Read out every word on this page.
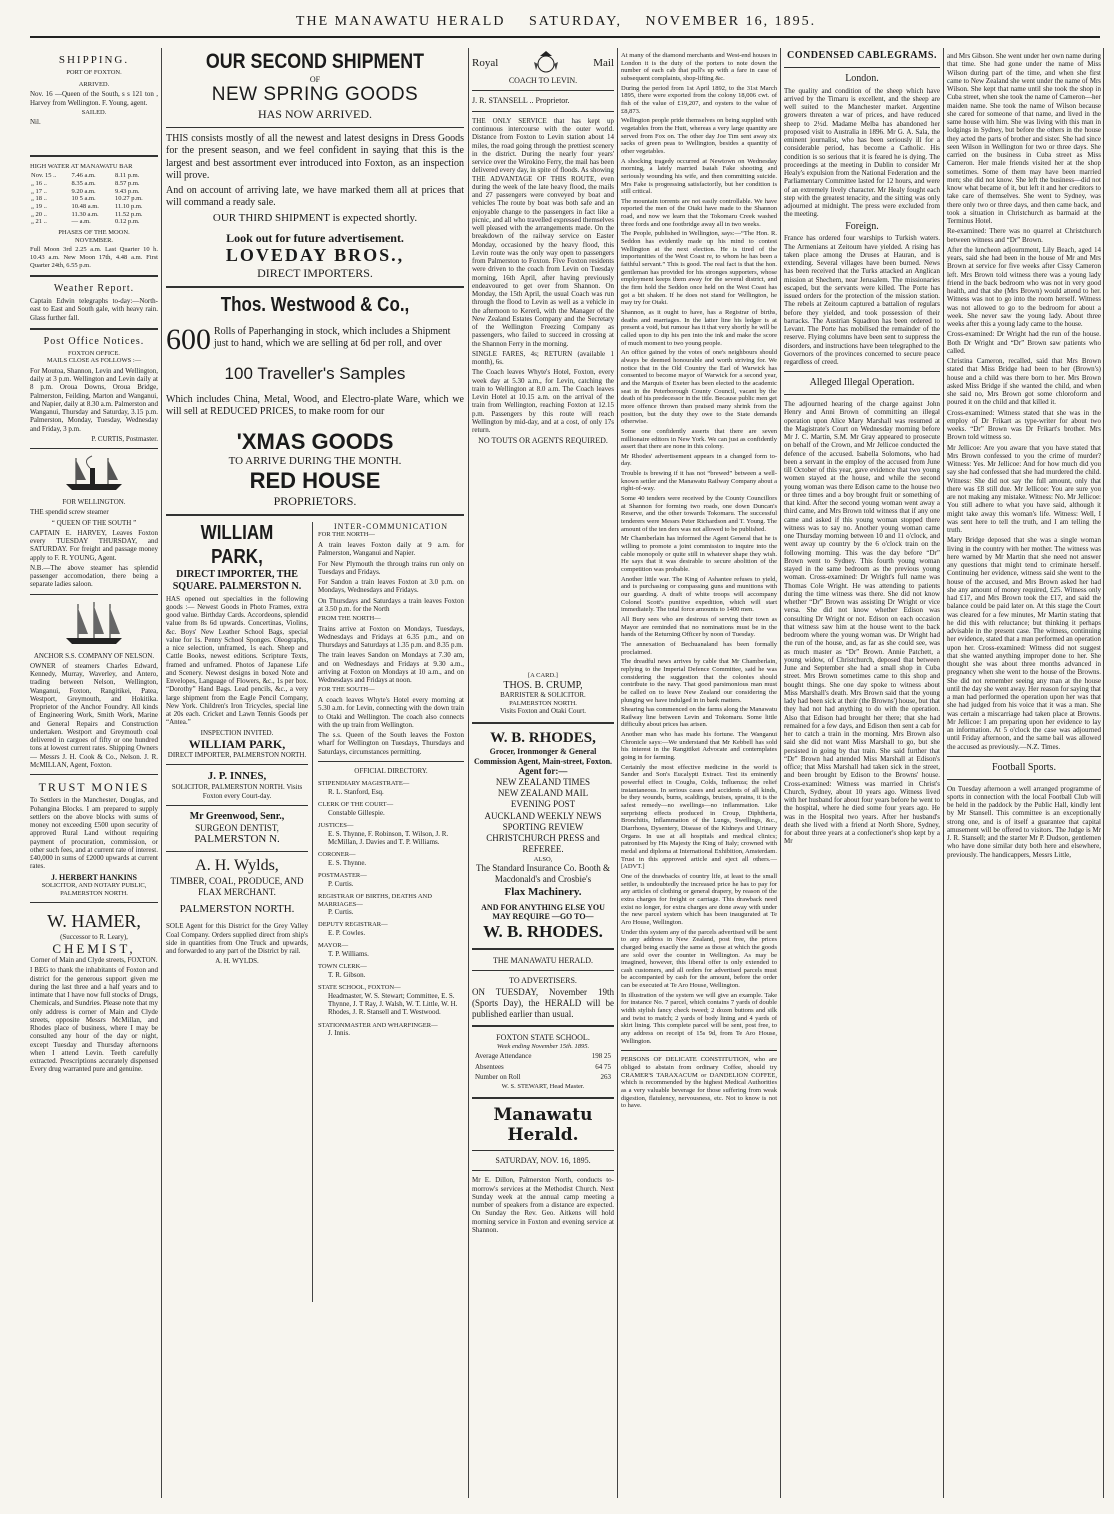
THE MANAWATU HERALD SATURDAY, NOVEMBER 16, 1895.
SHIPPING.
PORT OF FOXTON.
ARRIVED.

Nov. 16 —Queen of the South, s s 121 ton , Harvey from Wellington. F. Young, agent.

SAILED.

Nil.

HIGH WATER AT MANAWATU BAR

Nov. 15 ..	7.46 a.m.	8.11 p.m.
„ 16 ..	8.35 a.m.	8.57 p.m.
„ 17 ..	9.20 a.m.	9.43 p.m.
„ 18 ..	10 5 a.m.	10.27 p.m.
„ 19 ..	10.48 a.m.	11.10 p.m.
„ 20 ..	11.30 a.m.	11.52 p.m.
„ 21 ..	— a.m.	0.12 p.m.
PHASES OF THE MOON.
NOVEMBER.

Full Moon 3rd 2.25 a.m. Last Quarter 10 h. 10.43 a.m. New Moon 17th, 4.48 a.m. First Quarter 24th, 6.55 p.m.

Weather Report.

Captain Edwin telegraphs to-day:—North-east to East and South gale, with heavy rain. Glass further fall.

Post Office Notices.
FOXTON OFFICE.
MAILS CLOSE AS FOLLOWS :—

For Moutoa, Shannon, Levin and Wellington, daily at 3 p.m. Wellington and Levin daily at 8 p.m. Oroua Downs, Oroua Bridge, Palmerston, Feilding, Marton and Wanganui, and Napier, daily at 8.30 a.m. Palmerston and Wanganui, Thursday and Saturday, 3.15 p.m. Palmerston, Monday, Tuesday, Wednesday and Friday, 3 p.m.

P. CURTIS, Postmaster.

FOR WELLINGTON.

THE spendid screw steamer

“ QUEEN OF THE SOUTH ”

CAPTAIN E. HARVEY, Leaves Foxton every TUESDAY THURSDAY, and SATURDAY. For freight and passage money apply to F. R. YOUNG, Agent.

N.B.—The above steamer has splendid passenger accomodation, there being a separate ladies saloon.

ANCHOR S.S. COMPANY OF NELSON.

OWNER of steamers Charles Edward, Kennedy, Murray, Waverley, and Antero, trading between Nelson, Wellington, Wanganui, Foxton, Rangitikei, Patea, Westport, Greymouth, and Hokitika. Proprietor of the Anchor Foundry. All kinds of Engineering Work, Smith Work, Marine and General Repairs and Construction undertaken. Westport and Greymouth coal delivered in cargoes of fifty or one hundred tons at lowest current rates. Shipping Owners— Messrs J. H. Cook & Co., Nelson. J. R. McMILLAN, Agent, Foxton.

TRUST MONIES

To Settlers in the Manchester, Douglas, and Pohangina Blocks. I am prepared to supply settlers on the above blocks with sums of money not exceeding £500 upon security of approved Rural Land without requiring payment of procuration, commission, or other such fees, and at current rate of interest. £40,000 in sums of £2000 upwards at current rates.

J. HERBERT HANKINS
SOLICITOR, AND NOTARY PUBLIC, PALMERSTON NORTH.
W. HAMER,
(Successor to R. Leary),
CHEMIST,
Corner of Main and Clyde streets, FOXTON.

I BEG to thank the inhabitants of Foxton and district for the generous support given me during the last three and a half years and to intimate that I have now full stocks of Drugs, Chemicals, and Sundries. Please note that my only address is corner of Main and Clyde streets, opposite Messrs McMillan, and Rhodes place of business, where I may be consulted any hour of the day or night, except Tuesday and Thursday afternoons when I attend Levin. Teeth carefully extracted. Prescriptions accurately dispensed Every drug warranted pure and genuine.

OUR SECOND SHIPMENT
OF
NEW SPRING GOODS
HAS NOW ARRIVED.

THIS consists mostly of all the newest and latest designs in Dress Goods for the present season, and we feel confident in saying that this is the largest and best assortment ever introduced into Foxton, as an inspection will prove.

And on account of arriving late, we have marked them all at prices that will command a ready sale.

OUR THIRD SHIPMENT is expected shortly.
Look out for future advertisement.
LOVEDAY BROS.,
DIRECT IMPORTERS.
Thos. Westwood & Co.,
600 Rolls of Paperhanging in stock, which includes a Shipment just to hand, which we are selling at 6d per roll, and over
100 Traveller's Samples

Which includes China, Metal, Wood, and Electro-plate Ware, which we will sell at REDUCED PRICES, to make room for our

'XMAS GOODS
TO ARRIVE DURING THE MONTH.
RED HOUSE
PROPRIETORS.
WILLIAM PARK,
DIRECT IMPORTER, THE SQUARE. PALMERSTON N.

HAS opened out specialties in the following goods :— Newest Goods in Photo Frames, extra good value. Birthday Cards. Accordeons, splendid value from 8s 6d upwards. Concertinas, Violins, &c. Boys' New Leather School Bags, special value for 1s. Penny School Sponges. Oleographs, a nice selection, unframed, 1s each. Sheep and Cattle Books, newest editions. Scripture Texts, framed and unframed. Photos of Japanese Life and Scenery. Newest designs in boxed Note and Envelopes, Language of Flowers, &c., 1s per box. “Dorothy” Hand Bags. Lead pencils, &c., a very large shipment from the Eagle Pencil Company, New York. Children's Iron Tricycles, special line at 20s each. Cricket and Lawn Tennis Goods per “Antea.”

INSPECTION INVITED.
WILLIAM PARK,
DIRECT IMPORTER, PALMERSTON NORTH.
J. P. INNES,
SOLICITOR, PALMERSTON NORTH. Visits Foxton every Court-day.
Mr Greenwood, Senr.,
SURGEON DENTIST,
PALMERSTON N.
A. H. Wylds,
TIMBER, COAL, PRODUCE, AND FLAX MERCHANT.
PALMERSTON NORTH.

SOLE Agent for this District for the Grey Valley Coal Company. Orders supplied direct from ship's side in quantities from One Truck and upwards, and forwarded to any part of the District by rail.

A. H. WYLDS.
INTER-COMMUNICATION
FOR THE NORTH—

A train leaves Foxton daily at 9 a.m. for Palmerston, Wanganui and Napier.

For New Plymouth the through trains run only on Tuesdays and Fridays.

For Sandon a train leaves Foxton at 3.0 p.m. on Mondays, Wednesdays and Fridays.

On Thursdays and Saturdays a train leaves Foxton at 3.50 p.m. for the North

FROM THE NORTH—

Trains arrive at Foxton on Mondays, Tuesdays, Wednesdays and Fridays at 6.35 p.m., and on Thursdays and Saturdays at 1.35 p.m. and 8.35 p.m.

The train leaves Sandon on Mondays at 7.30 am, and on Wednesdays and Fridays at 9.30 a.m., arriving at Foxton on Mondays at 10 a.m., and on Wednesdays and Fridays at noon.

FOR THE SOUTH—

A coach leaves Whyte's Hotel every morning at 5.30 a.m. for Levin, connecting with the down train to Otaki and Wellington. The coach also connects with the up train from Wellington.

The s.s. Queen of the South leaves the Foxton wharf for Wellington on Tuesdays, Thursdays and Saturdays, circumstances permitting.

OFFICIAL DIRECTORY.
STIPENDIARY MAGISTRATE—
R. L. Stanford, Esq.
CLERK OF THE COURT—
Constable Gillespie.
JUSTICES—
E. S. Thynne, F. Robinson, T. Wilson, J. R. McMillan, J. Davies and T. P. Williams.
CORONER—
E. S. Thynne.
POSTMASTER—
P. Curtis.
REGISTRAR OF BIRTHS, DEATHS AND MARRIAGES—
P. Curtis.
DEPUTY REGISTRAR—
E. P. Cowles.
MAYOR—
T. P. Williams.
TOWN CLERK—
T. R. Gibson.
STATE SCHOOL, FOXTON—
Headmaster, W. S. Stewart; Committee, E. S. Thynne, J. T Ray, J. Walsh, W. T. Little, W. H. Rhodes, J. R. Stansell and T. Westwood.
STATIONMASTER AND WHARFINGER—
J. Innis.
Royal	Mail
COACH TO LEVIN.
J. R. STANSELL .. Proprietor.

THE ONLY SERVICE that has kept up continuous intercourse with the outer world. Distance from Foxton to Levin station about 14 miles, the road going through the prettiest scenery in the district. During the nearly four years' service over the Wirokino Ferry, the mail has been delivered every day, in spite of floods. As showing THE ADVANTAGE OF THIS ROUTE, even during the week of the late heavy flood, the mails and 27 passengers were conveyed by boat and vehicles The route by boat was both safe and an enjoyable change to the passengers in fact like a picnic, and all who travelled expressed themselves well pleased with the arrangements made. On the breakdown of the railway service on Easter Monday, occasioned by the heavy flood, this Levin route was the only way open to passengers from Palmerston to Foxton. Five Foxton residents were driven to the coach from Levin on Tuesday morning, 16th April, after having previously endeavoured to get over from Shannon. On Monday, the 15th April, the usual Coach was run through the flood to Levin as well as a vehicle in the afternoon to Kererū, with the Manager of the New Zealand Estates Company and the Secretary of the Wellington Freezing Company as passengers, who failed to succeed in crossing at the Shannon Ferry in the morning.

SINGLE FARES, 4s; RETURN (available 1 month), 6s.

The Coach leaves Whyte's Hotel, Foxton, every week day at 5.30 a.m., for Levin, catching the train to Wellington at 8.0 a.m. The Coach leaves Levin Hotel at 10.15 a.m. on the arrival of the train from Wellington, reaching Foxton at 12.15 p.m. Passengers by this route will reach Wellington by mid-day, and at a cost, of only 17s return.

NO TOUTS OR AGENTS REQUIRED.
[A CARD.]
THOS. B. CRUMP,
BARRISTER & SOLICITOR.
PALMERSTON NORTH.
Visits Foxton and Otaki Court.
W. B. RHODES,
Grocer, Ironmonger & General Commission Agent, Main-street, Foxton.
Agent for:—
NEW ZEALAND TIMES
NEW ZEALAND MAIL
EVENING POST
AUCKLAND WEEKLY NEWS
SPORTING REVIEW
CHRISTCHURCH PRESS and REFEREE.
ALSO,
The Standard Insurance Co. Booth & Macdonald's and Crosbie's
Flax Machinery.
AND FOR ANYTHING ELSE YOU MAY REQUIRE —GO TO—
W. B. RHODES.
THE MANAWATU HERALD.
TO ADVERTISERS.

ON TUESDAY, November 19th (Sports Day), the HERALD will be published earlier than usual.

FOXTON STATE SCHOOL.
Week ending November 15th. 1895.
Average Attendance	198 25
Absentees	64 75
Number on Roll	263
W. S. STEWART, Head Master.
Manawatu Herald.
SATURDAY, NOV. 16, 1895.

Mr E. Dillon, Palmerston North, conducts to-morrow's services at the Methodist Church. Next Sunday week at the annual camp meeting a number of speakers from a distance are expected. On Sunday the Rev. Geo. Aitkens will hold morning service in Foxton and evening service at Shannon.

At many of the diamond merchants and West-end houses in London it is the duty of the porters to note down the number of each cab that pull's up with a fare in case of subsequent complaints, shop-lifting &c.

During the period from 1st April 1892, to the 31st March 1895, there were exported from the colony 18,006 cwt. of fish of the value of £19,207, and oysters to the value of £8,873.

Wellington people pride themselves on being supplied with vegetables from the Hutt, whereas a very large quantity are served from Fox on. The other day Joe Tim sent away six sacks of green peas to Wellington, besides a quantity of other vegetables.

A shocking tragedy occurred at Newtown on Wednesday morning, a lately married Isaiah Fake shooting and seriously wounding his wife, and then committing suicide. Mrs Fake is progressing satisfactorily, but her condition is still critical.

The mountain torrents are not easily controllable. We have reported the men of the Otaki have made to the Shannon road, and now we learn that the Tokomaru Creek washed three fords and one footbridge away all in two weeks.

The People, published in Wellington, says:—“The Hon. R. Seddon has evidently made up his mind to contest Wellington at the next election. He is tired of the importunities of the West Coast re, to whom he has been a faithful servant.” This is good. The real fact is that the hon. gentleman has provided for his stronges supporters, whose employment keeps them away for the several district, and the firm hold the Seddon once held on the West Coast has got a bit shaken. If he does not stand for Wellington, he may try for Otaki.

Shannon, as it ought to have, has a Registrar of births, deaths and marriages. In the latter line his ledger is at present a void, but rumour has it that very shortly he will be called upon to dip his pen into the ink and make the score of much moment to two young people.

An office gained by the votes of one's neighbours should always be deemed honourable and worth striving for. We notice that in the Old Country the Earl of Warwick has consented to become mayor of Warwick for a second year, and the Marquis of Exeter has been elected to the academic seat in the Peterborough County Council, vacant by the death of his predecessor in the title. Because public men get more offence thrown than praised many shrink from the position, but the duty they owe to the State demands otherwise.

Some one confidently asserts that there are seven millionaire editors in New York. We can just as confidently assert that there are none in this colony.

Mr Rhodes' advertisement appears in a changed form to-day.

Trouble is brewing if it has not “brewed” between a well-known settler and the Manawatu Railway Company about a right-of-way.

Some 40 tenders were received by the County Councillors at Shannon for forming two roads, one down Duncan's Reserve, and the other towards Tokomaru. The successful tenderers were Messrs Peter Richardson and T. Young. The amount of the ten ders was not allowed to be published.

Mr Chamberlain has informed the Agent General that he is willing to promote a joint commission to inquire into the cable monopoly or quite still in whatever shape they wish. He says that it was desirable to secure abolition of the competition was probable.

Another little war. The King of Ashantee refuses to yield, and is purchasing or compassing guns and munitions with our guarding. A draft of white troops will accompany Colonel Scott's punitive expedition, which will start immediately. The total force amounts to 1400 men.

All Bury sees who are desirous of serving their town as Mayor are reminded that no nominations must be in the hands of the Returning Officer by noon of Tuesday.

The annexation of Bechuanaland has been formally proclaimed.

The dreadful news arrives by cable that Mr Chamberlain, replying to the Imperial Defence Committee, said he was considering the suggestion that the colonies should contribute to the navy. That good parsimonious man must be called on to leave New Zealand our considering the plunging we have indulged in in bank matters.

Shearing has commenced on the farms along the Manawatu Railway line between Levin and Tokomaru. Some little difficulty about prices has arisen.

Another man who has made his fortune. The Wanganui Chronicle says:—We understand that Mr Kebbell has sold his interest in the Rangitikei Advocate and contemplates going in for farming.

Certainly the most effective medicine in the world is Sander and Son's Eucalypti Extract. Test its eminently powerful effect in Coughs, Colds, Influenza; the relief instantaneous. In serious cases and accidents of all kinds, be they wounds, burns, scaldings, bruises, sprains, it is the safest remedy—no swellings—no inflammation. Like surprising effects produced in Croup, Diphtheria, Bronchitis, Inflammation of the Lungs, Swellings, &c., Diarrhoea, Dysentery, Disease of the Kidneys and Urinary Organs. In use at all hospitals and medical clinics; patronised by His Majesty the King of Italy; crowned with medal and diploma at International Exhibition, Amsterdam. Trust in this approved article and eject all others.—[ADVT.]

One of the drawbacks of country life, at least to the small settler, is undoubtedly the increased price he has to pay for any articles of clothing or general drapery, by reason of the extra charges for freight or carriage. This drawback need exist no longer, for extra charges are done away with under the new parcel system which has been inaugurated at Te Aro House, Wellington.

Under this system any of the parcels advertised will be sent to any address in New Zealand, post free, the prices charged being exactly the same as those at which the goods are sold over the counter in Wellington. As may be imagined, however, this liberal offer is only extended to cash customers, and all orders for advertised parcels must be accompanied by cash for the amount, before the order can be executed at Te Aro House, Wellington.

In illustration of the system we will give an example. Take for instance No. 7 parcel, which contains 7 yards of double width stylish fancy check tweed; 2 dozen buttons and silk and twist to match; 2 yards of body lining and 4 yards of skirt lining. This complete parcel will be sent, post free, to any address on receipt of 15s 9d, from Te Aro House, Wellington.

PERSONS OF DELICATE CONSTITUTION, who are obliged to abstain from ordinary Coffee, should try CRAMER'S TARAXACUM or DANDELION COFFEE, which is recommended by the highest Medical Authorities as a very valuable beverage for those suffering from weak digestion, flatulency, nervousness, etc. Not to know is not to have.

CONDENSED CABLEGRAMS.
London.

The quality and condition of the sheep which have arrived by the Timaru is excellent, and the sheep are well suited to the Manchester market. Argentine growers threaten a war of prices, and have reduced sheep to 2½d. Madame Melba has abandoned her proposed visit to Australia in 1896. Mr G. A. Sala, the eminent journalist, who has been seriously ill for a considerable period, has become a Catholic. His condition is so serious that it is feared he is dying. The proceedings at the meeting in Dublin to consider Mr Healy's expulsion from the National Federation and the Parliamentary Committee lasted for 12 hours, and were of an extremely lively character. Mr Healy fought each step with the greatest tenacity, and the sitting was only adjourned at midnight. The press were excluded from the meeting.

Foreign.

France has ordered four warships to Turkish waters. The Armenians at Zeitoum have yielded. A rising has taken place among the Druses at Hauran, and is extending. Several villages have been burned. News has been received that the Turks attacked an Anglican mission at Shechem, near Jerusalem. The missionaries escaped, but the servants were killed. The Porte has issued orders for the protection of the mission station. The rebels at Zeitoum captured a battalion of regulars before they yielded, and took possession of their barracks. The Austrian Squadron has been ordered to Levant. The Porte has mobilised the remainder of the reserve. Flying columns have been sent to suppress the disorders, and instructions have been telegraphed to the Governors of the provinces concerned to secure peace regardless of creed.

Alleged Illegal Operation.

The adjourned hearing of the charge against John Henry and Anni Brown of committing an illegal operation upon Alice Mary Marshall was resumed at the Magistrate's Court on Wednesday morning before Mr J. C. Martin, S.M. Mr Gray appeared to prosecute on behalf of the Crown, and Mr Jellicoe conducted the defence of the accused. Isabella Solomons, who had been a servant in the employ of the accused from June till October of this year, gave evidence that two young women stayed at the house, and while the second young woman was there Edison came to the house two or three times and a boy brought fruit or something of that kind. After the second young woman went away a third came, and Mrs Brown told witness that if any one came and asked if this young woman stopped there witness was to say no. Another young woman came one Thursday morning between 10 and 11 o'clock, and went away up country by the 6 o'clock train on the following morning. This was the day before “Dr” Brown went to Sydney. This fourth young woman stayed in the same bedroom as the previous young woman. Cross-examined: Dr Wright's full name was Thomas Cole Wright. He was attending to patients during the time witness was there. She did not know whether “Dr” Brown was assisting Dr Wright or vice versa. She did not know whether Edison was consulting Dr Wright or not. Edison on each occasion that witness saw him at the house went to the back bedroom where the young woman was. Dr Wright had the run of the house, and, as far as she could see, was as much master as “Dr” Brown. Annie Patchett, a young widow, of Christchurch, deposed that between June and September she had a small shop in Cuba street. Mrs Brown sometimes came to this shop and bought things. She one day spoke to witness about Miss Marshall's death. Mrs Brown said that the young lady had been sick at their (the Browns') house, but that they had not had anything to do with the operation. Also that Edison had brought her there; that she had remained for a few days, and Edison then sent a cab for her to catch a train in the morning. Mrs Brown also said she did not want Miss Marshall to go, but she persisted in going by that train. She said further that “Dr” Brown had attended Miss Marshall at Edison's office; that Miss Marshall had taken sick in the street, and been brought by Edison to the Browns' house. Cross-examined: Witness was married in Christ's Church, Sydney, about 10 years ago. Witness lived with her husband for about four years before he went to the hospital, where he died some four years ago. He was in the Hospital two years. After her husband's death she lived with a friend at North Shore, Sydney, for about three years at a confectioner's shop kept by a Mr

and Mrs Gibson. She went under her own name during that time. She had gone under the name of Miss Wilson during part of the time, and when she first came to New Zealand she went under the name of Mrs Wilson. She kept that name until she took the shop in Cuba street, when she took the name of Cameron—her maiden name. She took the name of Wilson because she cared for someone of that name, and lived in the same house with him. She was living with this man in lodgings in Sydney, but before the others in the house they acted the parts of brother and sister. She had since seen Wilson in Wellington for two or three days. She carried on the business in Cuba street as Miss Cameron. Her male friends visited her at the shop sometimes. Some of them may have been married men; she did not know. She left the business—did not know what became of it, but left it and her creditors to take care of themselves. She went to Sydney, was there only two or three days, and then came back, and took a situation in Christchurch as barmaid at the Terminus Hotel.

Re-examined: There was no quarrel at Christchurch between witness and “Dr” Brown.

After the luncheon adjournment, Lily Beach, aged 14 years, said she had been in the house of Mr and Mrs Brown at service for five weeks after Cissy Cameron left. Mrs Brown told witness there was a young lady friend in the back bedroom who was not in very good health, and that she (Mrs Brown) would attend to her. Witness was not to go into the room herself. Witness was not allowed to go to the bedroom for about a week. She never saw the young lady. About three weeks after this a young lady came to the house.

Cross-examined: Dr Wright had the run of the house. Both Dr Wright and “Dr” Brown saw patients who called.

Christina Cameron, recalled, said that Mrs Brown stated that Miss Bridge had been to her (Brown's) house and a child was there born to her. Mrs Brown asked Miss Bridge if she wanted the child, and when she said no, Mrs Brown got some chloroform and poured it on the child and that killed it.

Cross-examined: Witness stated that she was in the employ of Dr Frikart as type-writer for about two weeks. “Dr” Brown was Dr Frikart's brother. Mrs Brown told witness so.

Mr Jellicoe: Are you aware that you have stated that Mrs Brown confessed to you the crime of murder? Witness: Yes. Mr Jellicoe: And for how much did you say she had confessed that she had murdered the child. Witness: She did not say the full amount, only that there was £8 still due. Mr Jellicoe: You are sure you are not making any mistake. Witness: No. Mr Jellicoe: You still adhere to what you have said, although it might take away this woman's life. Witness: Well, I was sent here to tell the truth, and I am telling the truth.

Mary Bridge deposed that she was a single woman living in the country with her mother. The witness was here warned by Mr Martin that she need not answer any questions that might tend to criminate herself. Continuing her evidence, witness said she went to the house of the accused, and Mrs Brown asked her had she any amount of money required, £25. Witness only had £17, and Mrs Brown took the £17, and said the balance could be paid later on. At this stage the Court was cleared for a few minutes, Mr Martin stating that he did this with reluctance; but thinking it perhaps advisable in the present case. The witness, continuing her evidence, stated that a man performed an operation upon her. Cross-examined: Witness did not suggest that she wanted anything improper done to her. She thought she was about three months advanced in pregnancy when she went to the house of the Browns. She did not remember seeing any man at the house until the day she went away. Her reason for saying that a man had performed the operation upon her was that she had judged from his voice that it was a man. She was certain a miscarriage had taken place at Browns. Mr Jellicoe: I am preparing upon her evidence to lay an information. At 5 o'clock the case was adjourned until Friday afternoon, and the same bail was allowed the accused as previously.—N.Z. Times.

Football Sports.

On Tuesday afternoon a well arranged programme of sports in connection with the local Football Club will be held in the paddock by the Public Hall, kindly lent by Mr Stansell. This committee is an exceptionally strong one, and is of itself a guarantee that capital amusement will be offered to visitors. The Judge is Mr J. R. Stansell; and the starter Mr P. Dudson, gentlemen who have done similar duty both here and elsewhere, previously. The handicappers, Messrs Little,
